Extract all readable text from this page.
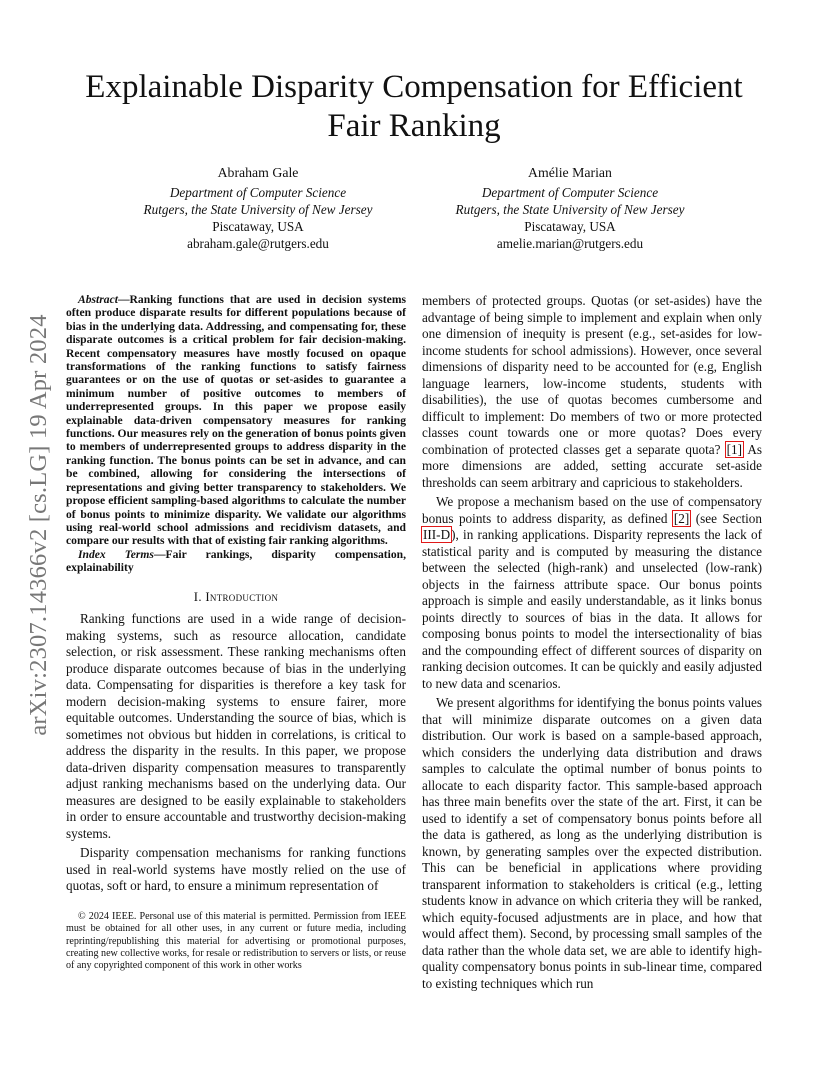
Explainable Disparity Compensation for Efficient Fair Ranking
Abraham Gale
Department of Computer Science
Rutgers, the State University of New Jersey
Piscataway, USA
abraham.gale@rutgers.edu
Amélie Marian
Department of Computer Science
Rutgers, the State University of New Jersey
Piscataway, USA
amelie.marian@rutgers.edu
arXiv:2307.14366v2 [cs.LG] 19 Apr 2024

Abstract—Ranking functions that are used in decision systems often produce disparate results for different populations because of bias in the underlying data. Addressing, and compensating for, these disparate outcomes is a critical problem for fair decision-making. Recent compensatory measures have mostly focused on opaque transformations of the ranking functions to satisfy fairness guarantees or on the use of quotas or set-asides to guarantee a minimum number of positive outcomes to members of underrepresented groups. In this paper we propose easily explainable data-driven compensatory measures for ranking functions. Our measures rely on the generation of bonus points given to members of underrepresented groups to address disparity in the ranking function. The bonus points can be set in advance, and can be combined, allowing for considering the intersections of representations and giving better transparency to stakeholders. We propose efficient sampling-based algorithms to calculate the number of bonus points to minimize disparity. We validate our algorithms using real-world school admissions and recidivism datasets, and compare our results with that of existing fair ranking algorithms.

Index Terms—Fair rankings, disparity compensation, explainability

I. Introduction

Ranking functions are used in a wide range of decision-making systems, such as resource allocation, candidate selection, or risk assessment. These ranking mechanisms often produce disparate outcomes because of bias in the underlying data. Compensating for disparities is therefore a key task for modern decision-making systems to ensure fairer, more equitable outcomes. Understanding the source of bias, which is sometimes not obvious but hidden in correlations, is critical to address the disparity in the results. In this paper, we propose data-driven disparity compensation measures to transparently adjust ranking mechanisms based on the underlying data. Our measures are designed to be easily explainable to stakeholders in order to ensure accountable and trustworthy decision-making systems.

Disparity compensation mechanisms for ranking functions used in real-world systems have mostly relied on the use of quotas, soft or hard, to ensure a minimum representation of

© 2024 IEEE. Personal use of this material is permitted. Permission from IEEE must be obtained for all other uses, in any current or future media, including reprinting/republishing this material for advertising or promotional purposes, creating new collective works, for resale or redistribution to servers or lists, or reuse of any copyrighted component of this work in other works

members of protected groups. Quotas (or set-asides) have the advantage of being simple to implement and explain when only one dimension of inequity is present (e.g., set-asides for low-income students for school admissions). However, once several dimensions of disparity need to be accounted for (e.g, English language learners, low-income students, students with disabilities), the use of quotas becomes cumbersome and difficult to implement: Do members of two or more protected classes count towards one or more quotas? Does every combination of protected classes get a separate quota? [1] As more dimensions are added, setting accurate set-aside thresholds can seem arbitrary and capricious to stakeholders.

We propose a mechanism based on the use of compensatory bonus points to address disparity, as defined [2] (see Section III-D), in ranking applications. Disparity represents the lack of statistical parity and is computed by measuring the distance between the selected (high-rank) and unselected (low-rank) objects in the fairness attribute space. Our bonus points approach is simple and easily understandable, as it links bonus points directly to sources of bias in the data. It allows for composing bonus points to model the intersectionality of bias and the compounding effect of different sources of disparity on ranking decision outcomes. It can be quickly and easily adjusted to new data and scenarios.

We present algorithms for identifying the bonus points values that will minimize disparate outcomes on a given data distribution. Our work is based on a sample-based approach, which considers the underlying data distribution and draws samples to calculate the optimal number of bonus points to allocate to each disparity factor. This sample-based approach has three main benefits over the state of the art. First, it can be used to identify a set of compensatory bonus points before all the data is gathered, as long as the underlying distribution is known, by generating samples over the expected distribution. This can be beneficial in applications where providing transparent information to stakeholders is critical (e.g., letting students know in advance on which criteria they will be ranked, which equity-focused adjustments are in place, and how that would affect them). Second, by processing small samples of the data rather than the whole data set, we are able to identify high-quality compensatory bonus points in sub-linear time, compared to existing techniques which run
